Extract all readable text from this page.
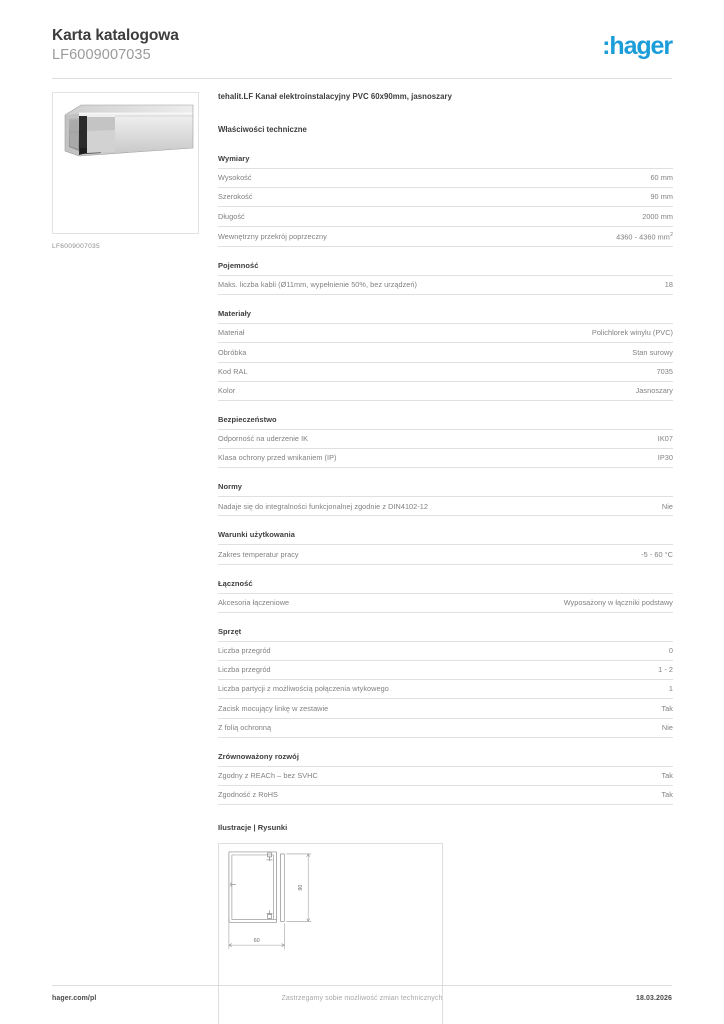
Karta katalogowa
LF6009007035	:hager
LF6009007035
tehalit.LF Kanał elektroinstalacyjny PVC 60x90mm, jasnoszary
Właściwości techniczne
Wymiary
Wysokość	60 mm
Szerokość	90 mm
Długość	2000 mm
Wewnętrzny przekrój poprzeczny	4360 - 4360 $mm^2$
Pojemność
Maks. liczba kabli (Ø11mm, wypełnienie 50%, bez urządzeń)	18
Materiały
Materiał	Polichlorek winylu (PVC)
Obróbka	Stan surowy
Kod RAL	7035
Kolor	Jasnoszary
Bezpieczeństwo
Odporność na uderzenie IK	IK07
Klasa ochrony przed wnikaniem (IP)	IP30
Normy
Nadaje się do integralności funkcjonalnej zgodnie z DIN4102-12	Nie
Warunki użytkowania
Zakres temperatur pracy	-5 - 60 °C
Łączność
Akcesoria łączeniowe	Wyposażony w łączniki podstawy
Sprzęt
Liczba przegród	0
Liczba przegród	1 - 2
Liczba partycji z możliwością połączenia wtykowego	1
Zacisk mocujący linkę w zestawie	Tak
Z folią ochronną	Nie
Zrównoważony rozwój
Zgodny z REACh – bez SVHC	Tak
Zgodność z RoHS	Tak
Ilustracje | Rysunki
90
60
hager.com/pl	Zastrzegamy sobie możliwość zmian technicznych	18.03.2026
